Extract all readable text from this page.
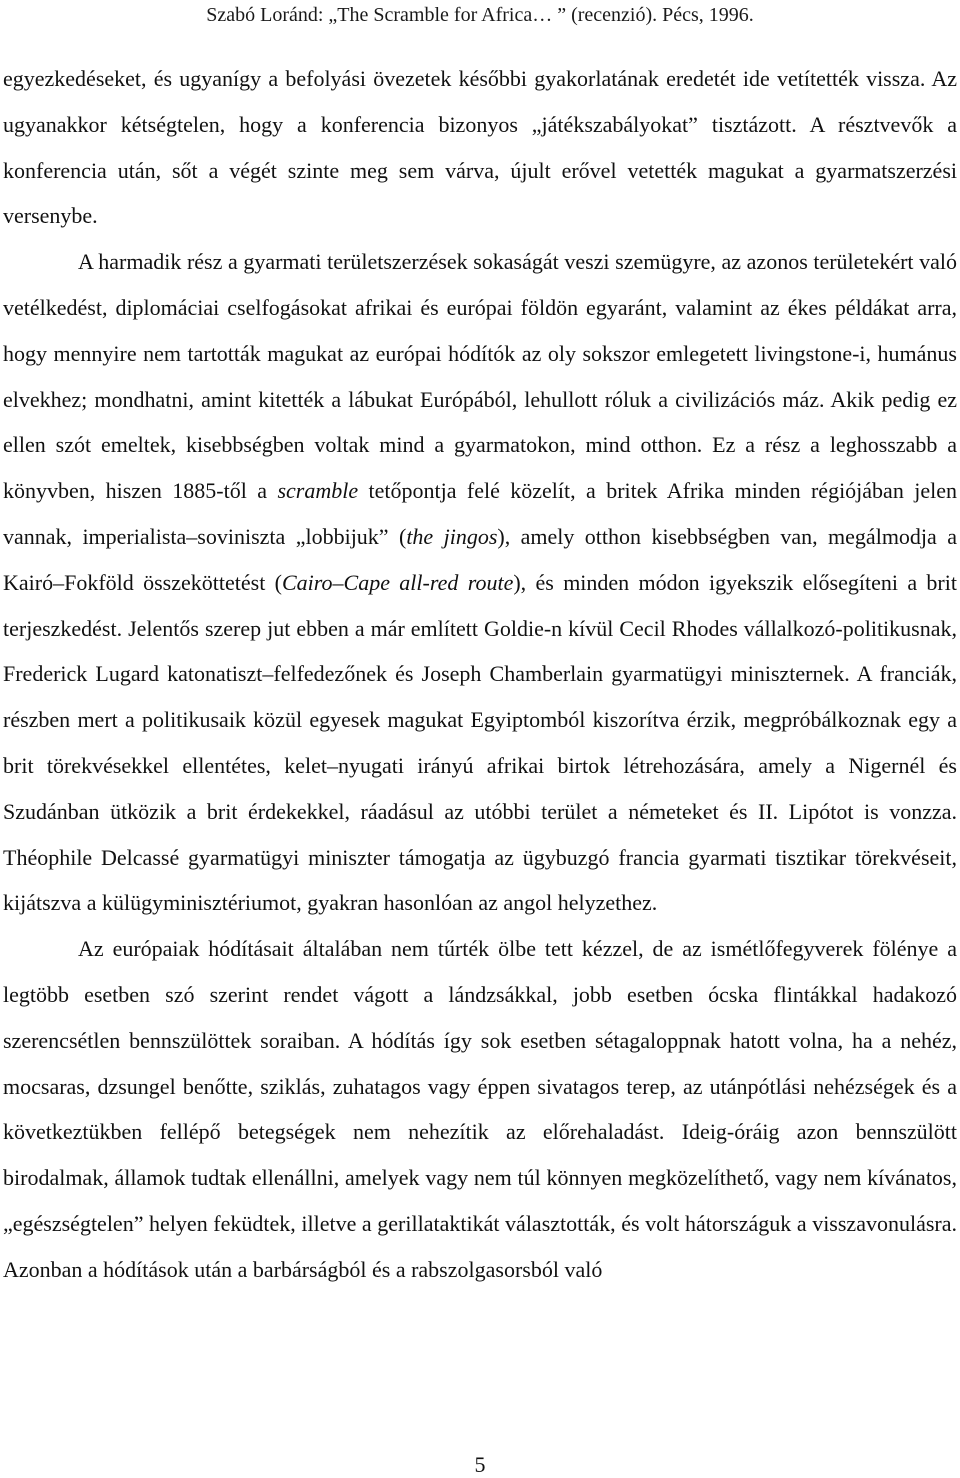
Szabó Loránd: „The Scramble for Africa… ” (recenzió). Pécs, 1996.

egyezkedéseket, és ugyanígy a befolyási övezetek későbbi gyakorlatának eredetét ide vetítették vissza. Az ugyanakkor kétségtelen, hogy a konferencia bizonyos „játékszabályokat” tisztázott. A résztvevők a konferencia után, sőt a végét szinte meg sem várva, újult erővel vetették magukat a gyarmatszerzési versenybe.

A harmadik rész a gyarmati területszerzések sokaságát veszi szemügyre, az azonos területekért való vetélkedést, diplomáciai cselfogásokat afrikai és európai földön egyaránt, valamint az ékes példákat arra, hogy mennyire nem tartották magukat az európai hódítók az oly sokszor emlegetett livingstone-i, humánus elvekhez; mondhatni, amint kitették a lábukat Európából, lehullott róluk a civilizációs máz. Akik pedig ez ellen szót emeltek, kisebbségben voltak mind a gyarmatokon, mind otthon. Ez a rész a leghosszabb a könyvben, hiszen 1885-től a scramble tetőpontja felé közelít, a britek Afrika minden régiójában jelen vannak, imperialista–soviniszta „lobbijuk” (the jingos), amely otthon kisebbségben van, megálmodja a Kairó–Fokföld összeköttetést (Cairo–Cape all-red route), és minden módon igyekszik elősegíteni a brit terjeszkedést. Jelentős szerep jut ebben a már említett Goldie-n kívül Cecil Rhodes vállalkozó-politikusnak, Frederick Lugard katonatiszt–felfedezőnek és Joseph Chamberlain gyarmatügyi miniszternek. A franciák, részben mert a politikusaik közül egyesek magukat Egyiptomból kiszorítva érzik, megpróbálkoznak egy a brit törekvésekkel ellentétes, kelet–nyugati irányú afrikai birtok létrehozására, amely a Nigernél és Szudánban ütközik a brit érdekekkel, ráadásul az utóbbi terület a németeket és II. Lipótot is vonzza. Théophile Delcassé gyarmatügyi miniszter támogatja az ügybuzgó francia gyarmati tisztikar törekvéseit, kijátszva a külügyminisztériumot, gyakran hasonlóan az angol helyzethez.

Az európaiak hódításait általában nem tűrték ölbe tett kézzel, de az ismétlőfegyverek fölénye a legtöbb esetben szó szerint rendet vágott a lándzsákkal, jobb esetben ócska flintákkal hadakozó szerencsétlen bennszülöttek soraiban. A hódítás így sok esetben sétagaloppnak hatott volna, ha a nehéz, mocsaras, dzsungel benőtte, sziklás, zuhatagos vagy éppen sivatagos terep, az utánpótlási nehézségek és a következtükben fellépő betegségek nem nehezítik az előrehaladást. Ideig-óráig azon bennszülött birodalmak, államok tudtak ellenállni, amelyek vagy nem túl könnyen megközelíthető, vagy nem kívánatos, „egészségtelen” helyen feküdtek, illetve a gerillataktikát választották, és volt hátországuk a visszavonulásra. Azonban a hódítások után a barbárságból és a rabszolgasorsból való

5
